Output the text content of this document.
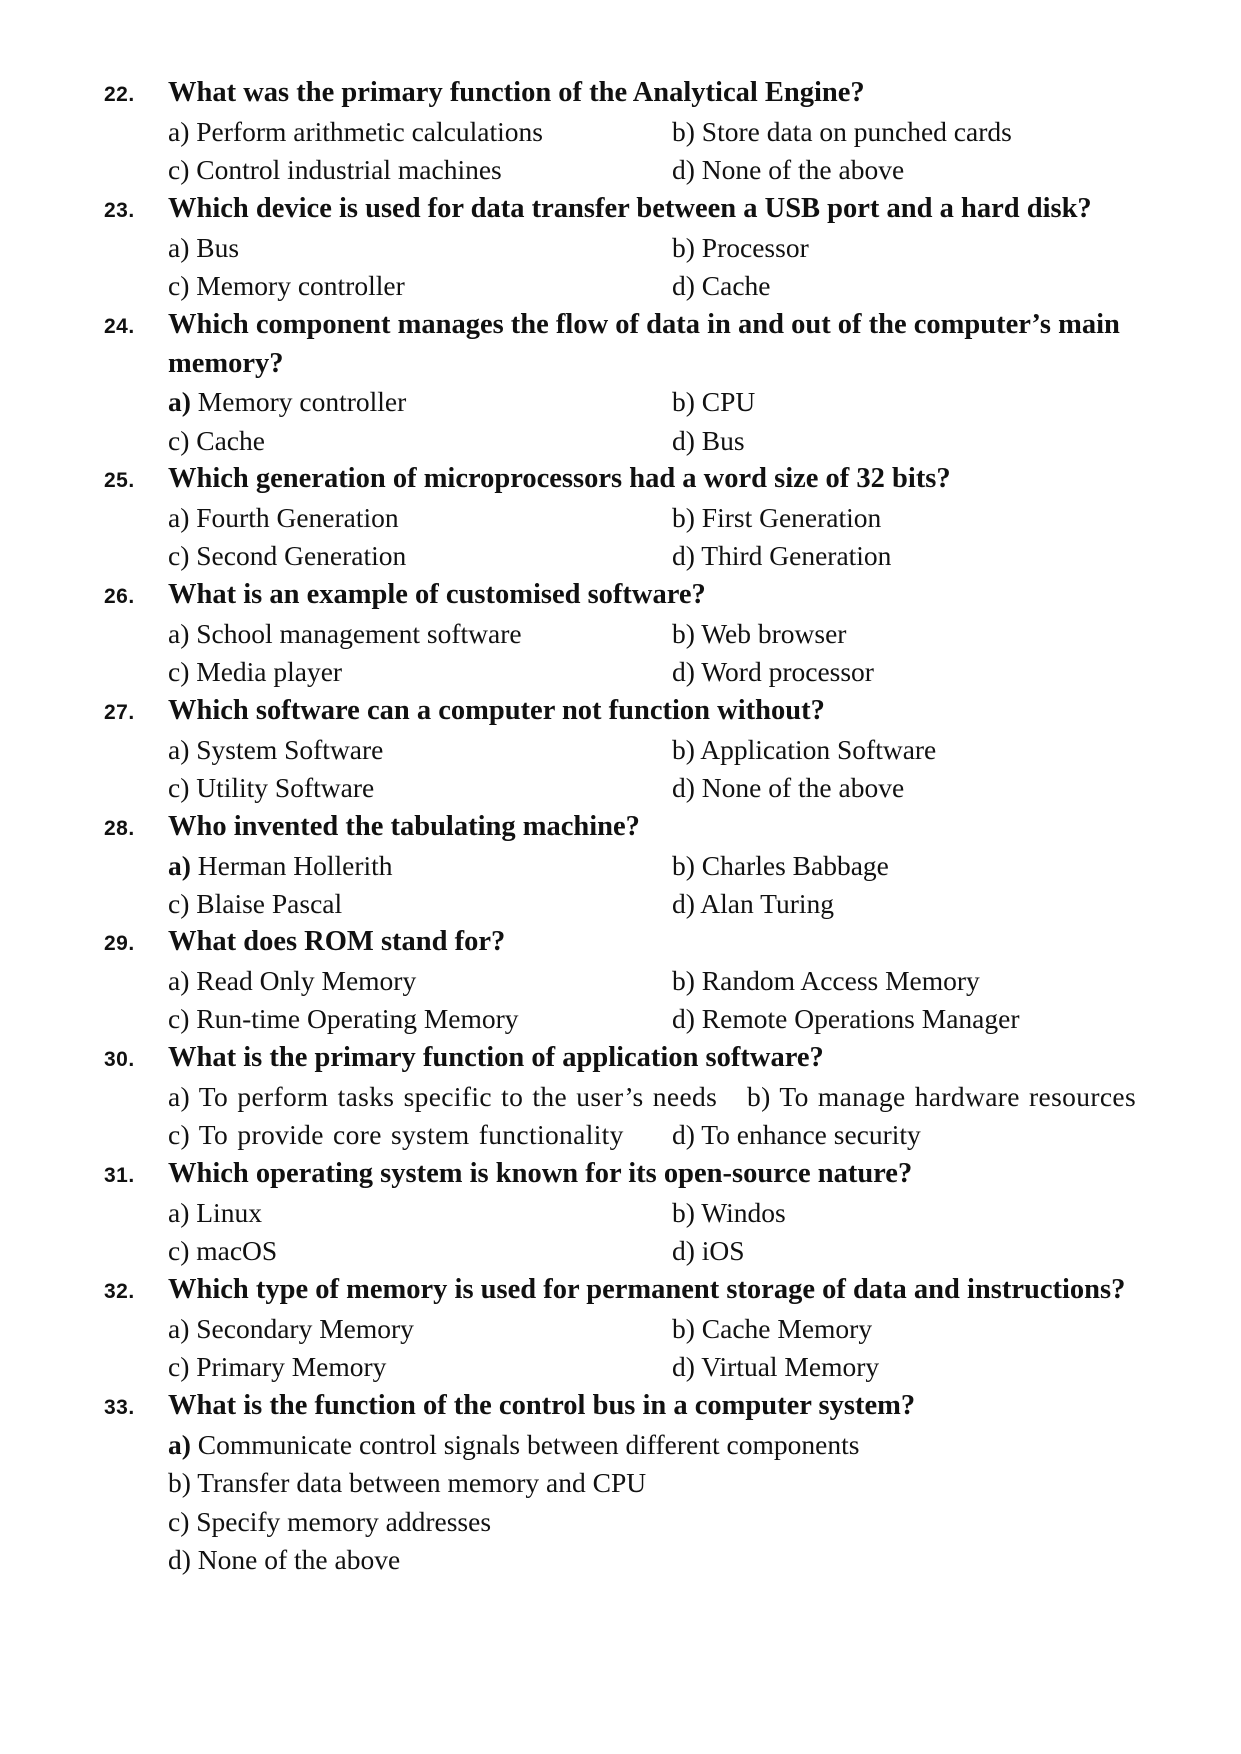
22. What was the primary function of the Analytical Engine?
a) Perform arithmetic calculations	b) Store data on punched cards
c) Control industrial machines	d) None of the above
23. Which device is used for data transfer between a USB port and a hard disk?
a) Bus	b) Processor
c) Memory controller	d) Cache
24. Which component manages the flow of data in and out of the computer’s main memory?
a) Memory controller	b) CPU
c) Cache	d) Bus
25. Which generation of microprocessors had a word size of 32 bits?
a) Fourth Generation	b) First Generation
c) Second Generation	d) Third Generation
26. What is an example of customised software?
a) School management software	b) Web browser
c) Media player	d) Word processor
27. Which software can a computer not function without?
a) System Software	b) Application Software
c) Utility Software	d) None of the above
28. Who invented the tabulating machine?
a) Herman Hollerith	b) Charles Babbage
c) Blaise Pascal	d) Alan Turing
29. What does ROM stand for?
a) Read Only Memory	b) Random Access Memory
c) Run-time Operating Memory	d) Remote Operations Manager
30. What is the primary function of application software?
a) To perform tasks specific to the user’s needs b) To manage hardware resources
c) To provide core system functionality d) To enhance security
31. Which operating system is known for its open-source nature?
a) Linux	b) Windos
c) macOS	d) iOS
32. Which type of memory is used for permanent storage of data and instructions?
a) Secondary Memory	b) Cache Memory
c) Primary Memory	d) Virtual Memory
33. What is the function of the control bus in a computer system?
a) Communicate control signals between different components
b) Transfer data between memory and CPU
c) Specify memory addresses
d) None of the above
